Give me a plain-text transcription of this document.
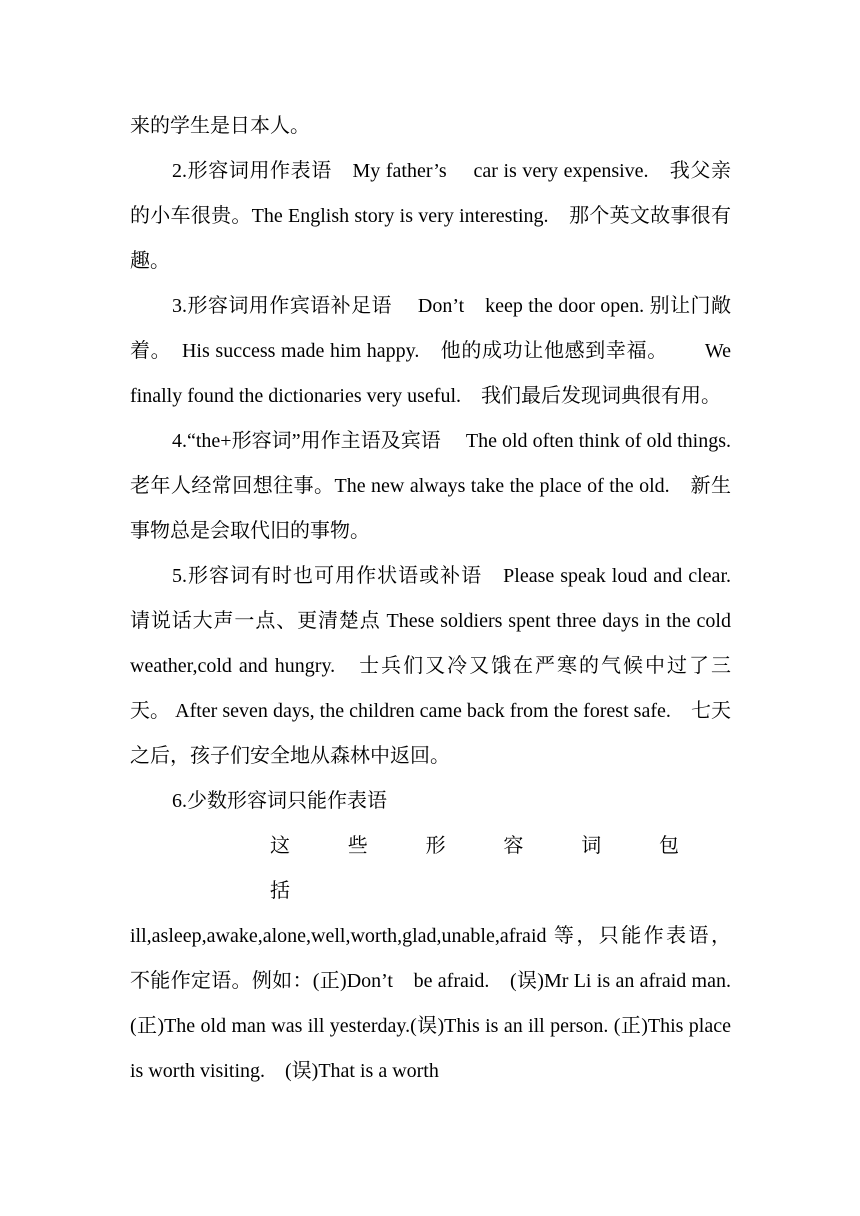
来的学生是日本人。

2.形容词用作表语　My father’s　 car is very expensive.　我父亲的小车很贵。The English story is very interesting.　那个英文故事很有趣。

3.形容词用作宾语补足语　 Don’t　keep the door open. 别让门敞着。　His success made him happy.　他的成功让他感到幸福。　　 We finally found the dictionaries very useful.　我们最后发现词典很有用。

4.“the+形容词”用作主语及宾语　 The old often think of old things.老年人经常回想往事。The new always take the place of the old.　新生事物总是会取代旧的事物。

5.形容词有时也可用作状语或补语　Please speak loud and clear.　请说话大声一点、更清楚点 These soldiers spent three days in the cold weather,cold and hungry.　士兵们又冷又饿在严寒的气候中过了三天。 After seven days, the children came back from the forest safe.　七天之后，孩子们安全地从森林中返回。

6.少数形容词只能作表语

这些形容词包括

ill,asleep,awake,alone,well,worth,glad,unable,afraid 等，只能作表语，不能作定语。例如：(正)Don’t　be afraid.　(误)Mr Li is an afraid man.　 (正)The old man was ill yesterday.(误)This is an ill person. (正)This place is worth visiting.　(误)That is a worth
